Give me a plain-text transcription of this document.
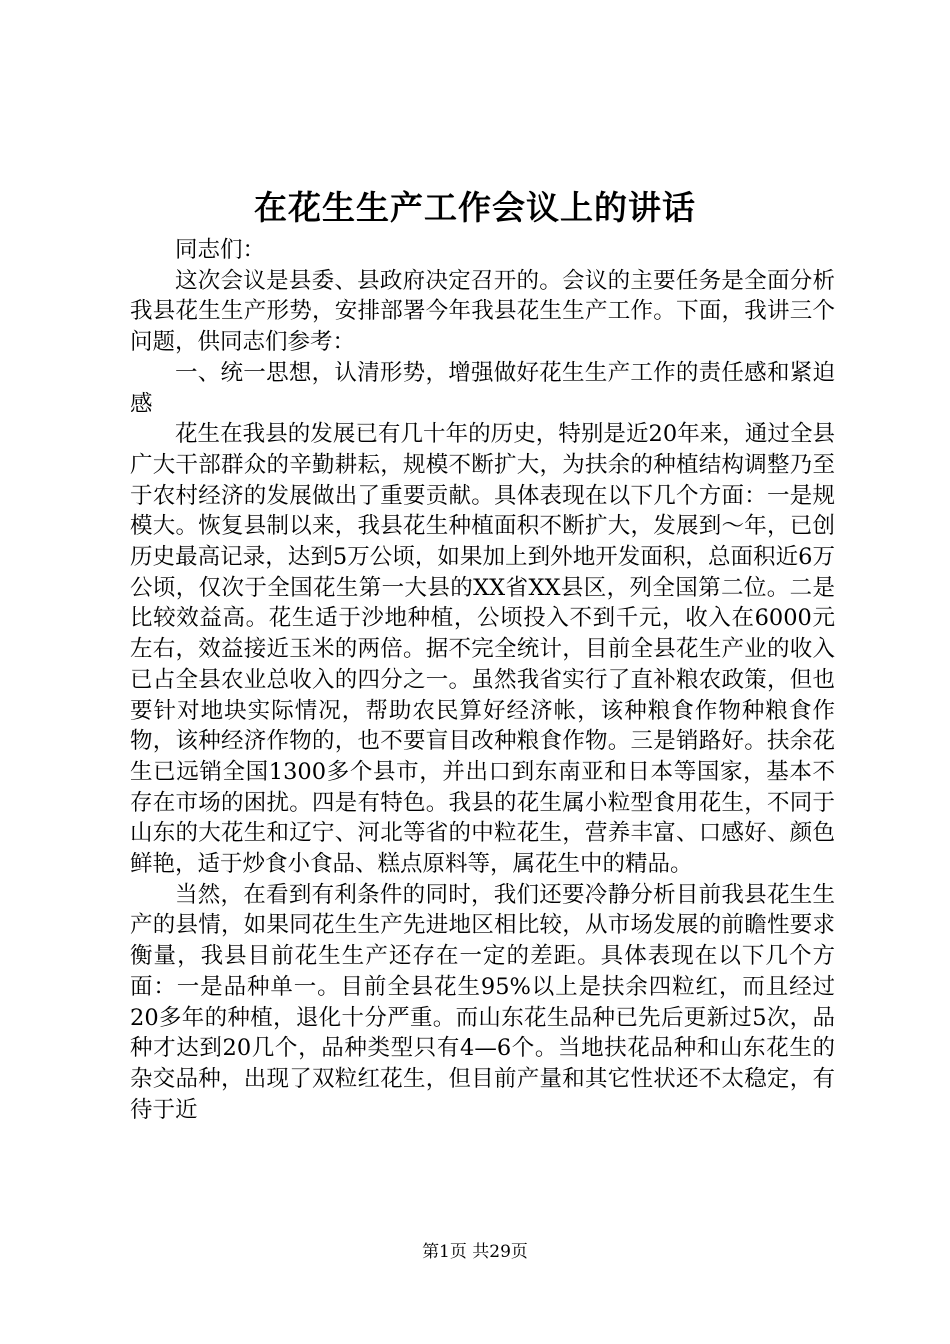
在花生生产工作会议上的讲话

同志们：

这次会议是县委、县政府决定召开的。会议的主要任务是全面分析我县花生生产形势，安排部署今年我县花生生产工作。下面，我讲三个问题，供同志们参考：

一、统一思想，认清形势，增强做好花生生产工作的责任感和紧迫感

花生在我县的发展已有几十年的历史，特别是近20年来，通过全县广大干部群众的辛勤耕耘，规模不断扩大，为扶余的种植结构调整乃至于农村经济的发展做出了重要贡献。具体表现在以下几个方面：一是规模大。恢复县制以来，我县花生种植面积不断扩大，发展到～年，已创历史最高记录，达到5万公顷，如果加上到外地开发面积，总面积近6万公顷，仅次于全国花生第一大县的XX省XX县区，列全国第二位。二是比较效益高。花生适于沙地种植，公顷投入不到千元，收入在6000元左右，效益接近玉米的两倍。据不完全统计，目前全县花生产业的收入已占全县农业总收入的四分之一。虽然我省实行了直补粮农政策，但也要针对地块实际情况，帮助农民算好经济帐，该种粮食作物种粮食作物，该种经济作物的，也不要盲目改种粮食作物。三是销路好。扶余花生已远销全国1300多个县市，并出口到东南亚和日本等国家，基本不存在市场的困扰。四是有特色。我县的花生属小粒型食用花生，不同于山东的大花生和辽宁、河北等省的中粒花生，营养丰富、口感好、颜色鲜艳，适于炒食小食品、糕点原料等，属花生中的精品。

当然，在看到有利条件的同时，我们还要冷静分析目前我县花生生产的县情，如果同花生生产先进地区相比较，从市场发展的前瞻性要求衡量，我县目前花生生产还存在一定的差距。具体表现在以下几个方面：一是品种单一。目前全县花生95%以上是扶余四粒红，而且经过20多年的种植，退化十分严重。而山东花生品种已先后更新过5次，品种才达到20几个，品种类型只有4—6个。当地扶花品种和山东花生的杂交品种，出现了双粒红花生，但目前产量和其它性状还不太稳定，有待于近

第1页 共29页
